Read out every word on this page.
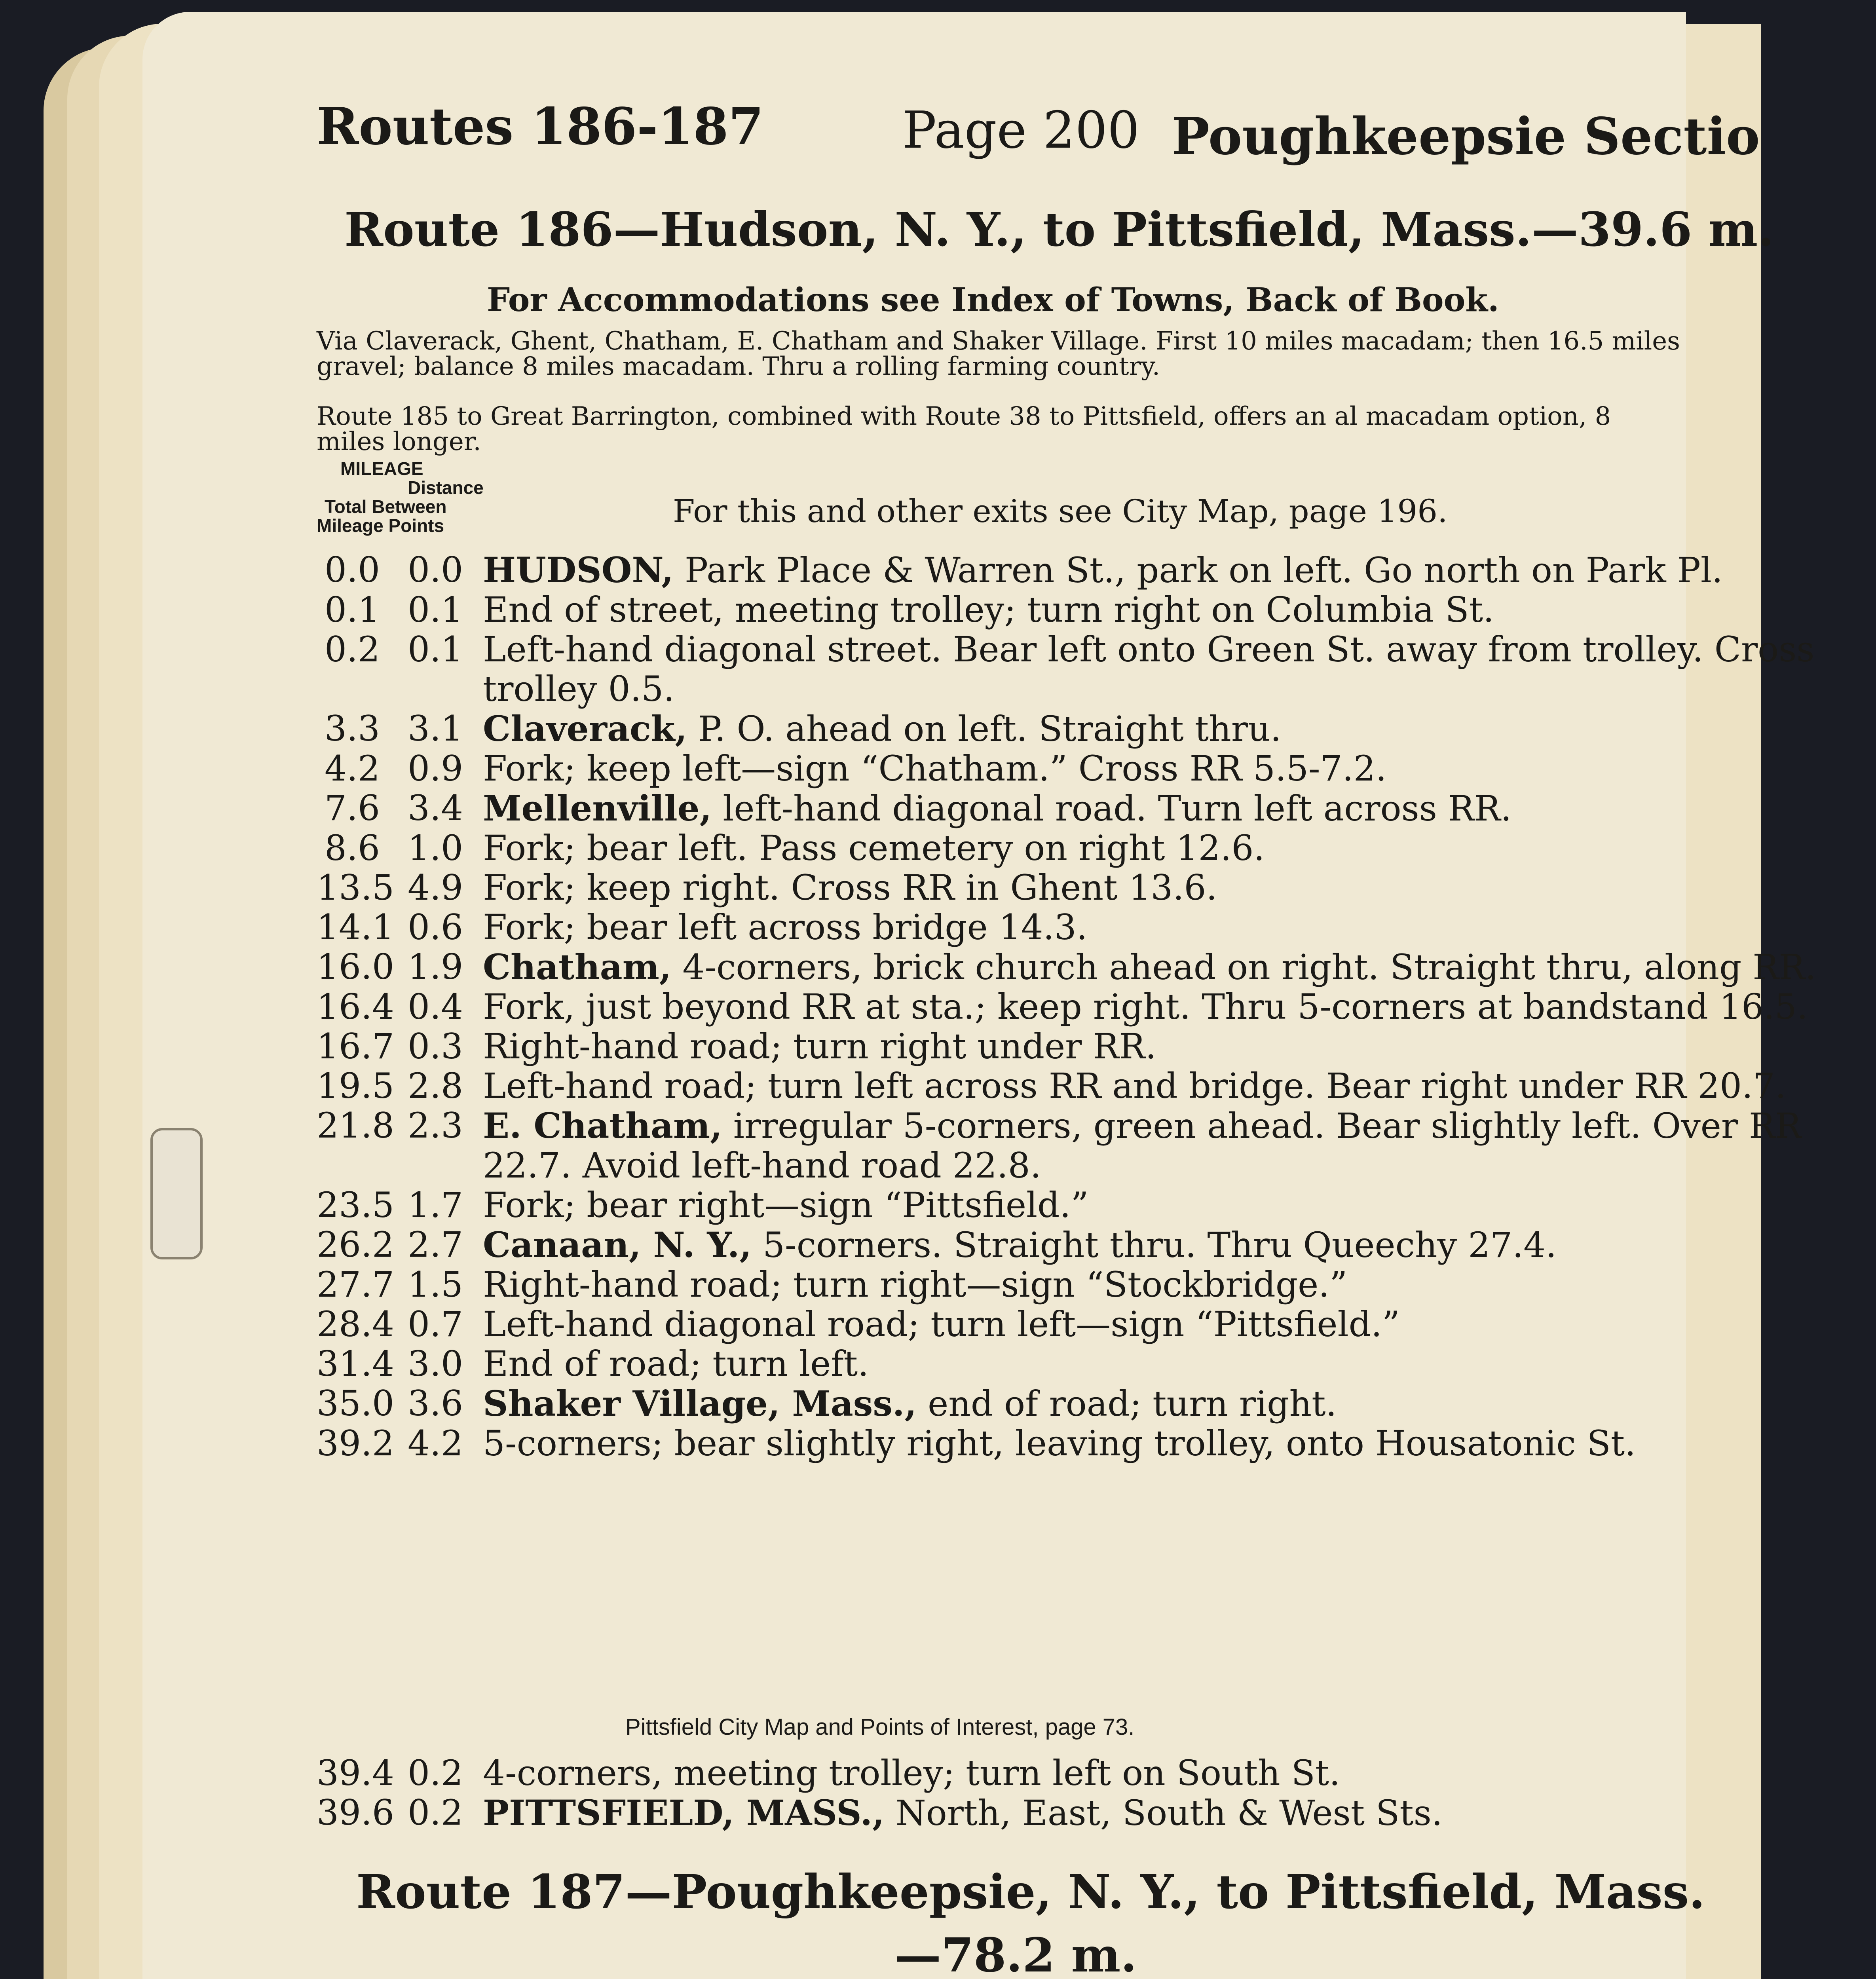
Routes 186-187	Page 200 Poughkeepsie Sectio
Route 186—Hudson, N. Y., to Pittsfield, Mass.—39.6 m.
For Accommodations see Index of Towns, Back of Book.
Via Claverack, Ghent, Chatham, E. Chatham and Shaker Village. First 10 miles macadam; then 16.5 miles gravel; balance 8 miles macadam. Thru a rolling farming country.
Route 185 to Great Barrington, combined with Route 38 to Pittsfield, offers an al macadam option, 8 miles longer.
MILEAGE
Distance
Total Between
Mileage Points	For this and other exits see City Map, page 196.
0.0 0.0 HUDSON, Park Place & Warren St., park on left. Go north on Park Pl.
0.1 0.1 End of street, meeting trolley; turn right on Columbia St.
0.2 0.1 Left-hand diagonal street. Bear left onto Green St. away from trolley. Cross trolley 0.5.
3.3 3.1 Claverack, P. O. ahead on left. Straight thru.
4.2 0.9 Fork; keep left—sign “Chatham.” Cross RR 5.5-7.2.
7.6 3.4 Mellenville, left-hand diagonal road. Turn left across RR.
8.6 1.0 Fork; bear left. Pass cemetery on right 12.6.
13.5 4.9 Fork; keep right. Cross RR in Ghent 13.6.
14.1 0.6 Fork; bear left across bridge 14.3.
16.0 1.9 Chatham, 4-corners, brick church ahead on right. Straight thru, along RR.
16.4 0.4 Fork, just beyond RR at sta.; keep right. Thru 5-corners at bandstand 16.5.
16.7 0.3 Right-hand road; turn right under RR.
19.5 2.8 Left-hand road; turn left across RR and bridge. Bear right under RR 20.7.
21.8 2.3 E. Chatham, irregular 5-corners, green ahead. Bear slightly left. Over RR 22.7. Avoid left-hand road 22.8.
23.5 1.7 Fork; bear right—sign “Pittsfield.”
26.2 2.7 Canaan, N. Y., 5-corners. Straight thru. Thru Queechy 27.4.
27.7 1.5 Right-hand road; turn right—sign “Stockbridge.”
28.4 0.7 Left-hand diagonal road; turn left—sign “Pittsfield.”
31.4 3.0 End of road; turn left.
35.0 3.6 Shaker Village, Mass., end of road; turn right.
39.2 4.2 5-corners; bear slightly right, leaving trolley, onto Housatonic St.
Pittsfield City Map and Points of Interest, page 73.
39.4 0.2 4-corners, meeting trolley; turn left on South St.
39.6 0.2 PITTSFIELD, MASS., North, East, South & West Sts.
Route 187—Poughkeepsie, N. Y., to Pittsfield, Mass.
—78.2 m.
